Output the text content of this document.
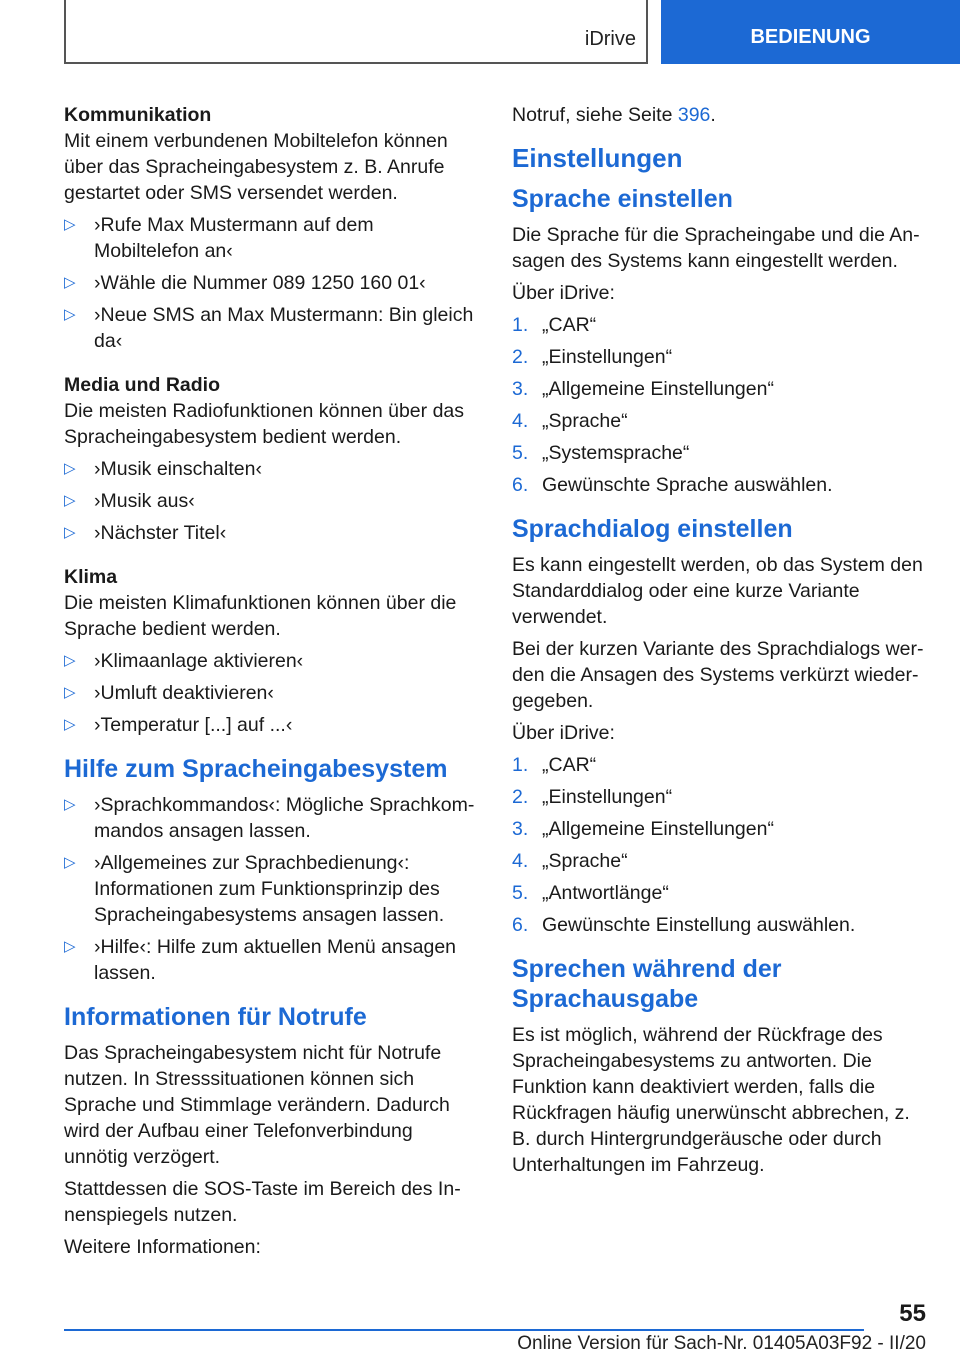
iDrive	BEDIENUNG

Kommunikation

Mit einem verbundenen Mobiltelefon können über das Spracheingabesystem z. B. Anrufe gestartet oder SMS versendet werden.

▷ ›Rufe Max Mustermann auf dem Mobiltelefon an‹
▷ ›Wähle die Nummer 089 1250 160 01‹
▷ ›Neue SMS an Max Mustermann: Bin gleich da‹

Media und Radio

Die meisten Radiofunktionen können über das Spracheingabesystem bedient werden.

▷ ›Musik einschalten‹
▷ ›Musik aus‹
▷ ›Nächster Titel‹

Klima

Die meisten Klimafunktionen können über die Sprache bedient werden.

▷ ›Klimaanlage aktivieren‹
▷ ›Umluft deaktivieren‹
▷ ›Temperatur [...] auf ...‹
Hilfe zum Spracheingabesystem
▷ ›Sprachkommandos‹: Mögliche Sprachkommandos ansagen lassen.
▷ ›Allgemeines zur Sprachbedienung‹: Informationen zum Funktionsprinzip des Spracheingabesystems ansagen lassen.
▷ ›Hilfe‹: Hilfe zum aktuellen Menü ansagen lassen.
Informationen für Notrufe

Das Spracheingabesystem nicht für Notrufe nutzen. In Stresssituationen können sich Sprache und Stimmlage verändern. Dadurch wird der Aufbau einer Telefonverbindung unnötig verzögert.

Stattdessen die SOS-Taste im Bereich des Innenspiegels nutzen.

Weitere Informationen:

Notruf, siehe Seite 396.

Einstellungen
Sprache einstellen

Die Sprache für die Spracheingabe und die Ansagen des Systems kann eingestellt werden.

Über iDrive:

1. „CAR“
2. „Einstellungen“
3. „Allgemeine Einstellungen“
4. „Sprache“
5. „Systemsprache“
6. Gewünschte Sprache auswählen.
Sprachdialog einstellen

Es kann eingestellt werden, ob das System den Standarddialog oder eine kurze Variante verwendet.

Bei der kurzen Variante des Sprachdialogs werden die Ansagen des Systems verkürzt wiedergegeben.

Über iDrive:

1. „CAR“
2. „Einstellungen“
3. „Allgemeine Einstellungen“
4. „Sprache“
5. „Antwortlänge“
6. Gewünschte Einstellung auswählen.
Sprechen während der Sprachausgabe

Es ist möglich, während der Rückfrage des Spracheingabesystems zu antworten. Die Funktion kann deaktiviert werden, falls die Rückfragen häufig unerwünscht abbrechen, z. B. durch Hintergrundgeräusche oder durch Unterhaltungen im Fahrzeug.

55
Online Version für Sach-Nr. 01405A03F92 - II/20
